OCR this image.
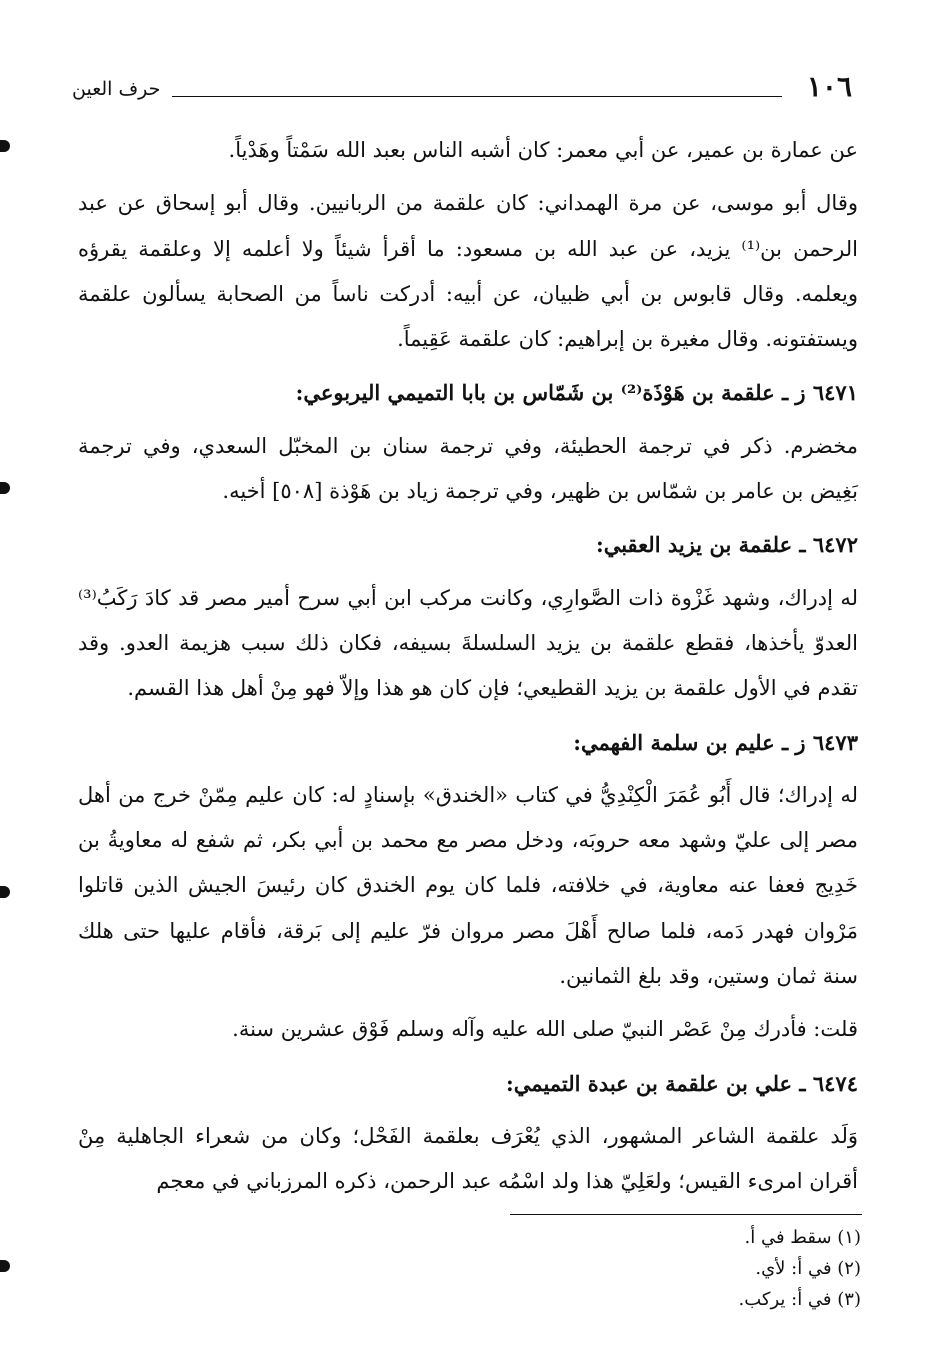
١٠٦
حرف العين

عن عمارة بن عمير، عن أبي معمر: كان أشبه الناس بعبد الله سَمْتاً وهَدْياً.

وقال أبو موسى، عن مرة الهمداني: كان علقمة من الربانيين. وقال أبو إسحاق عن عبد الرحمن بن⁽¹⁾ يزيد، عن عبد الله بن مسعود: ما أقرأ شيئاً ولا أعلمه إلا وعلقمة يقرؤه ويعلمه. وقال قابوس بن أبي ظبيان، عن أبيه: أدركت ناساً من الصحابة يسألون علقمة ويستفتونه. وقال مغيرة بن إبراهيم: كان علقمة عَقِيماً.

٦٤٧١ ز ـ علقمة بن هَوْذَة⁽²⁾ بن شَمّاس بن بابا التميمي اليربوعي:

مخضرم. ذكر في ترجمة الحطيئة، وفي ترجمة سنان بن المخبّل السعدي، وفي ترجمة بَغِيض بن عامر بن شمّاس بن ظهير، وفي ترجمة زياد بن هَوْذة [٥٠٨] أخيه.

٦٤٧٢ ـ علقمة بن يزيد العقبي:

له إدراك، وشهد غَزْوة ذات الصَّوارِي، وكانت مركب ابن أبي سرح أمير مصر قد كادَ رَكَبُ⁽³⁾ العدوّ يأخذها، فقطع علقمة بن يزيد السلسلةَ بسيفه، فكان ذلك سبب هزيمة العدو. وقد تقدم في الأول علقمة بن يزيد القطيعي؛ فإن كان هو هذا وإلاّ فهو مِنْ أهل هذا القسم.

٦٤٧٣ ز ـ عليم بن سلمة الفهمي:

له إدراك؛ قال أَبُو عُمَرَ الْكِنْدِيُّ في كتاب «الخندق» بإسنادٍ له: كان عليم مِمّنْ خرج من أهل مصر إلى عليّ وشهد معه حروبَه، ودخل مصر مع محمد بن أبي بكر، ثم شفع له معاويةُ بن خَدِيج فعفا عنه معاوية، في خلافته، فلما كان يوم الخندق كان رئيسَ الجيش الذين قاتلوا مَرْوان فهدر دَمه، فلما صالح أَهْلَ مصر مروان فرّ عليم إلى بَرقة، فأقام عليها حتى هلك سنة ثمان وستين، وقد بلغ الثمانين.

قلت: فأدرك مِنْ عَصْر النبيّ صلى الله عليه وآله وسلم فَوْق عشرين سنة.

٦٤٧٤ ـ علي بن علقمة بن عبدة التميمي:

وَلَد علقمة الشاعر المشهور، الذي يُعْرَف بعلقمة الفَحْل؛ وكان من شعراء الجاهلية مِنْ أقران امرىء القيس؛ ولعَلِيّ هذا ولد اسْمُه عبد الرحمن، ذكره المرزباني في معجم

(١) سقط في أ.
(٢) في أ: لأي.
(٣) في أ: يركب.
